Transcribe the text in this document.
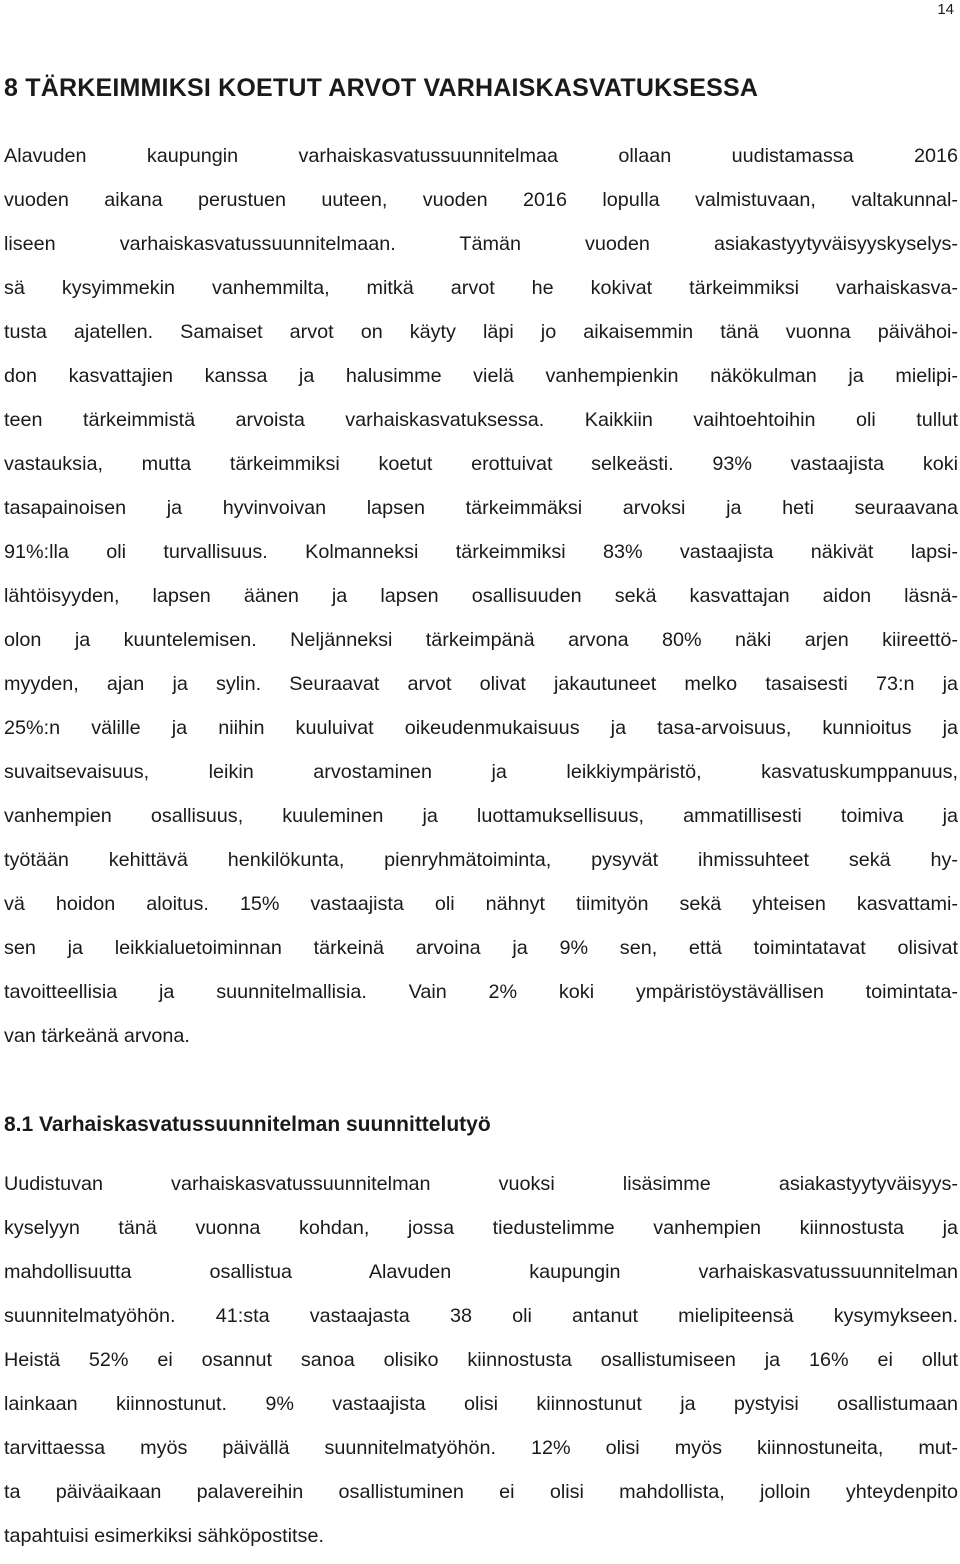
14
8 TÄRKEIMMIKSI KOETUT ARVOT VARHAISKASVATUKSESSA
Alavuden kaupungin varhaiskasvatussuunnitelmaa ollaan uudistamassa 2016
vuoden aikana perustuen uuteen, vuoden 2016 lopulla valmistuvaan, valtakunnal-
liseen varhaiskasvatussuunnitelmaan. Tämän vuoden asiakastyytyväisyyskyselys-
sä kysyimmekin vanhemmilta, mitkä arvot he kokivat tärkeimmiksi varhaiskasva-
tusta ajatellen. Samaiset arvot on käyty läpi jo aikaisemmin tänä vuonna päivähoi-
don kasvattajien kanssa ja halusimme vielä vanhempienkin näkökulman ja mielipi-
teen tärkeimmistä arvoista varhaiskasvatuksessa. Kaikkiin vaihtoehtoihin oli tullut
vastauksia, mutta tärkeimmiksi koetut erottuivat selkeästi. 93% vastaajista koki
tasapainoisen ja hyvinvoivan lapsen tärkeimmäksi arvoksi ja heti seuraavana
91%:lla oli turvallisuus. Kolmanneksi tärkeimmiksi 83% vastaajista näkivät lapsi-
lähtöisyyden, lapsen äänen ja lapsen osallisuuden sekä kasvattajan aidon läsnä-
olon ja kuuntelemisen. Neljänneksi tärkeimpänä arvona 80% näki arjen kiireettö-
myyden, ajan ja sylin. Seuraavat arvot olivat jakautuneet melko tasaisesti 73:n ja
25%:n välille ja niihin kuuluivat oikeudenmukaisuus ja tasa-arvoisuus, kunnioitus ja
suvaitsevaisuus, leikin arvostaminen ja leikkiympäristö, kasvatuskumppanuus,
vanhempien osallisuus, kuuleminen ja luottamuksellisuus, ammatillisesti toimiva ja
työtään kehittävä henkilökunta, pienryhmätoiminta, pysyvät ihmissuhteet sekä hy-
vä hoidon aloitus. 15% vastaajista oli nähnyt tiimityön sekä yhteisen kasvattami-
sen ja leikkialuetoiminnan tärkeinä arvoina ja 9% sen, että toimintatavat olisivat
tavoitteellisia ja suunnitelmallisia. Vain 2% koki ympäristöystävällisen toimintata-
van tärkeänä arvona.
8.1 Varhaiskasvatussuunnitelman suunnittelutyö
Uudistuvan varhaiskasvatussuunnitelman vuoksi lisäsimme asiakastyytyväisyys-
kyselyyn tänä vuonna kohdan, jossa tiedustelimme vanhempien kiinnostusta ja
mahdollisuutta osallistua Alavuden kaupungin varhaiskasvatussuunnitelman
suunnitelmatyöhön. 41:sta vastaajasta 38 oli antanut mielipiteensä kysymykseen.
Heistä 52% ei osannut sanoa olisiko kiinnostusta osallistumiseen ja 16% ei ollut
lainkaan kiinnostunut. 9% vastaajista olisi kiinnostunut ja pystyisi osallistumaan
tarvittaessa myös päivällä suunnitelmatyöhön. 12% olisi myös kiinnostuneita, mut-
ta päiväaikaan palavereihin osallistuminen ei olisi mahdollista, jolloin yhteydenpito
tapahtuisi esimerkiksi sähköpostitse.
